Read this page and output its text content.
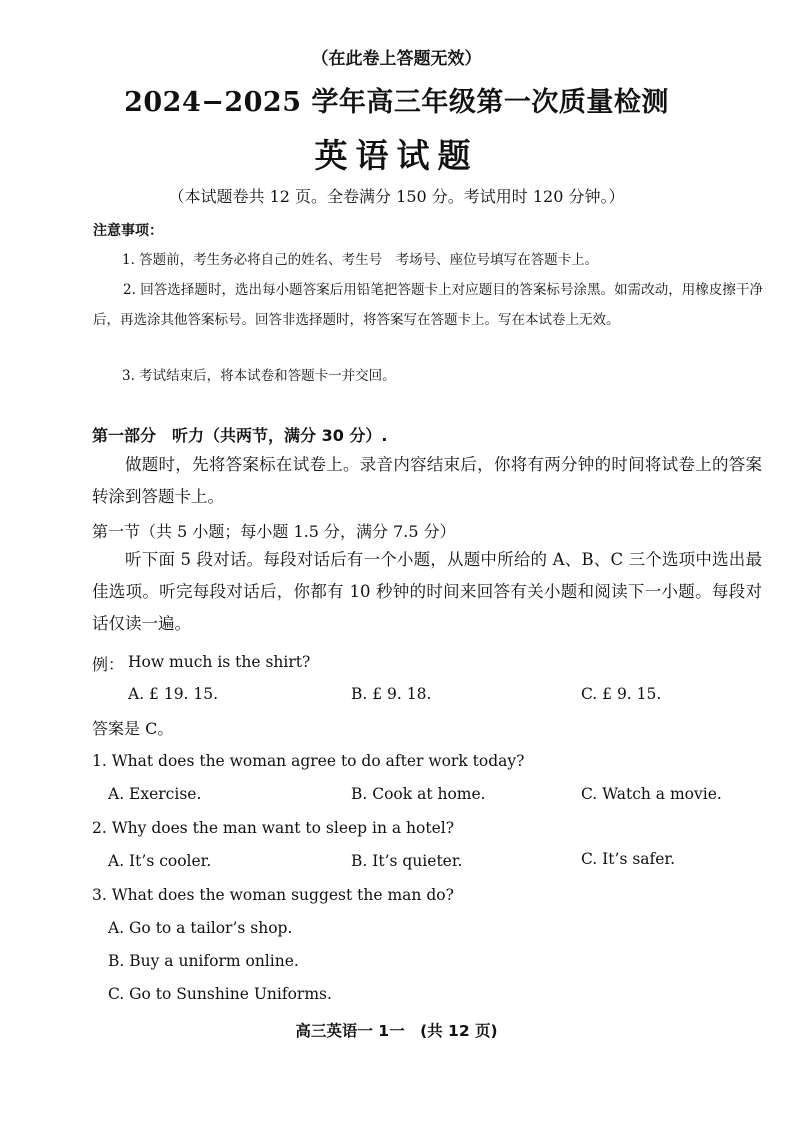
（在此卷上答题无效）
2024−2025 学年高三年级第一次质量检测
英语试题
（本试题卷共 12 页。全卷满分 150 分。考试用时 120 分钟。）
注意事项：
1. 答题前，考生务必将自己的姓名、考生号　考场号、座位号填写在答题卡上。
2. 回答选择题时，选出每小题答案后用铅笔把答题卡上对应题目的答案标号涂黑。如需改动，用橡皮擦干净后，再选涂其他答案标号。回答非选择题时，将答案写在答题卡上。写在本试卷上无效。
3. 考试结束后，将本试卷和答题卡一并交回。
第一部分　听力（共两节，满分 30 分）.
做题时，先将答案标在试卷上。录音内容结束后，你将有两分钟的时间将试卷上的答案转涂到答题卡上。
第一节（共 5 小题；每小题 1.5 分，满分 7.5 分）
听下面 5 段对话。每段对话后有一个小题，从题中所给的 A、B、C 三个选项中选出最佳选项。听完每段对话后，你都有 10 秒钟的时间来回答有关小题和阅读下一小题。每段对话仅读一遍。
例： How much is the shirt?
A. £ 19. 15.	B. £ 9. 18.	C. £ 9. 15.
答案是 C。
1. What does the woman agree to do after work today?
A. Exercise.	B. Cook at home.	C. Watch a movie.
2. Why does the man want to sleep in a hotel?
A. It’s cooler.	B. It’s quieter.	C. It’s safer.
3. What does the woman suggest the man do?
A. Go to a tailor’s shop.
B. Buy a uniform online.
C. Go to Sunshine Uniforms.
高三英语一 1一　(共 12 页)
